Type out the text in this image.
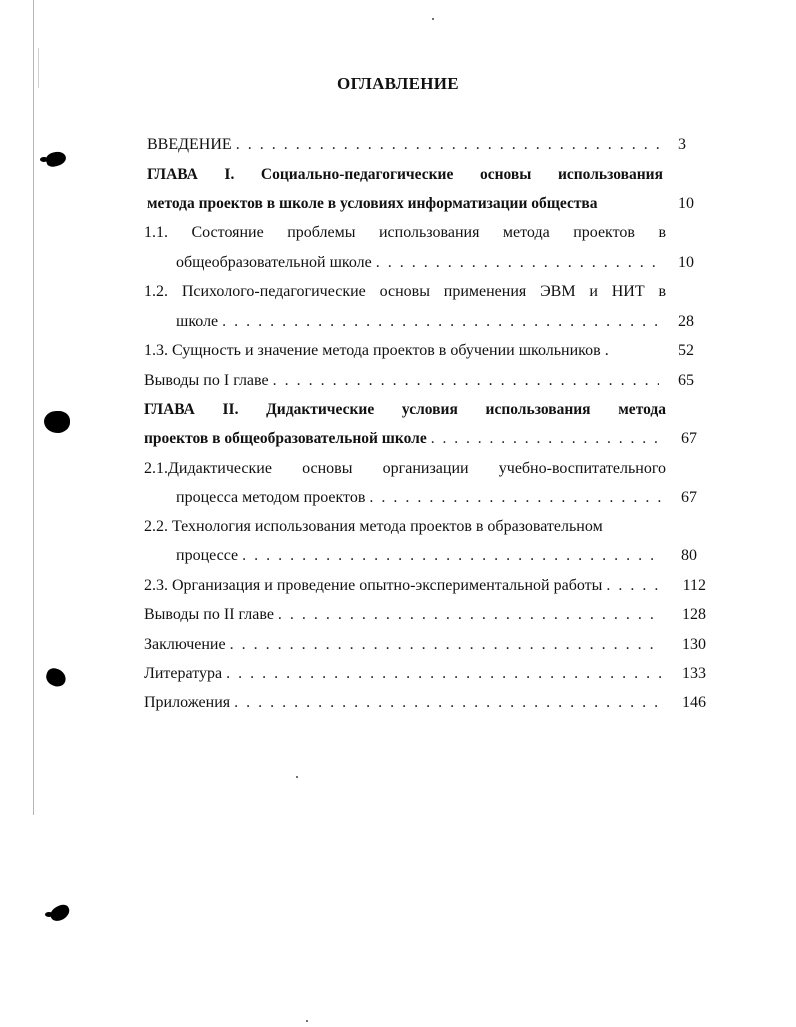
ОГЛАВЛЕНИЕ
ВВЕДЕНИЕ . . .	3
ГЛАВА I. Социально-педагогические основы использования
метода проектов в школе в условиях информатизации общества	10
1.1. Состояние проблемы использования метода проектов в
общеобразовательной школе . . .	10
1.2. Психолого-педагогические основы применения ЭВМ и НИТ в
школе . . .	28
1.3. Сущность и значение метода проектов в обучении школьников .	52
Выводы по I главе . . .	65
ГЛАВА II. Дидактические условия использования метода
проектов в общеобразовательной школе . . .	67
2.1.Дидактические основы организации учебно-воспитательного
процесса методом проектов . . .	67
2.2. Технология использования метода проектов в образовательном
процессе . . .	80
2.3. Организация и проведение опытно-экспериментальной работы . . .	112
Выводы по II главе . . .	128
Заключение . . .	130
Литература . . .	133
Приложения . . .	146
